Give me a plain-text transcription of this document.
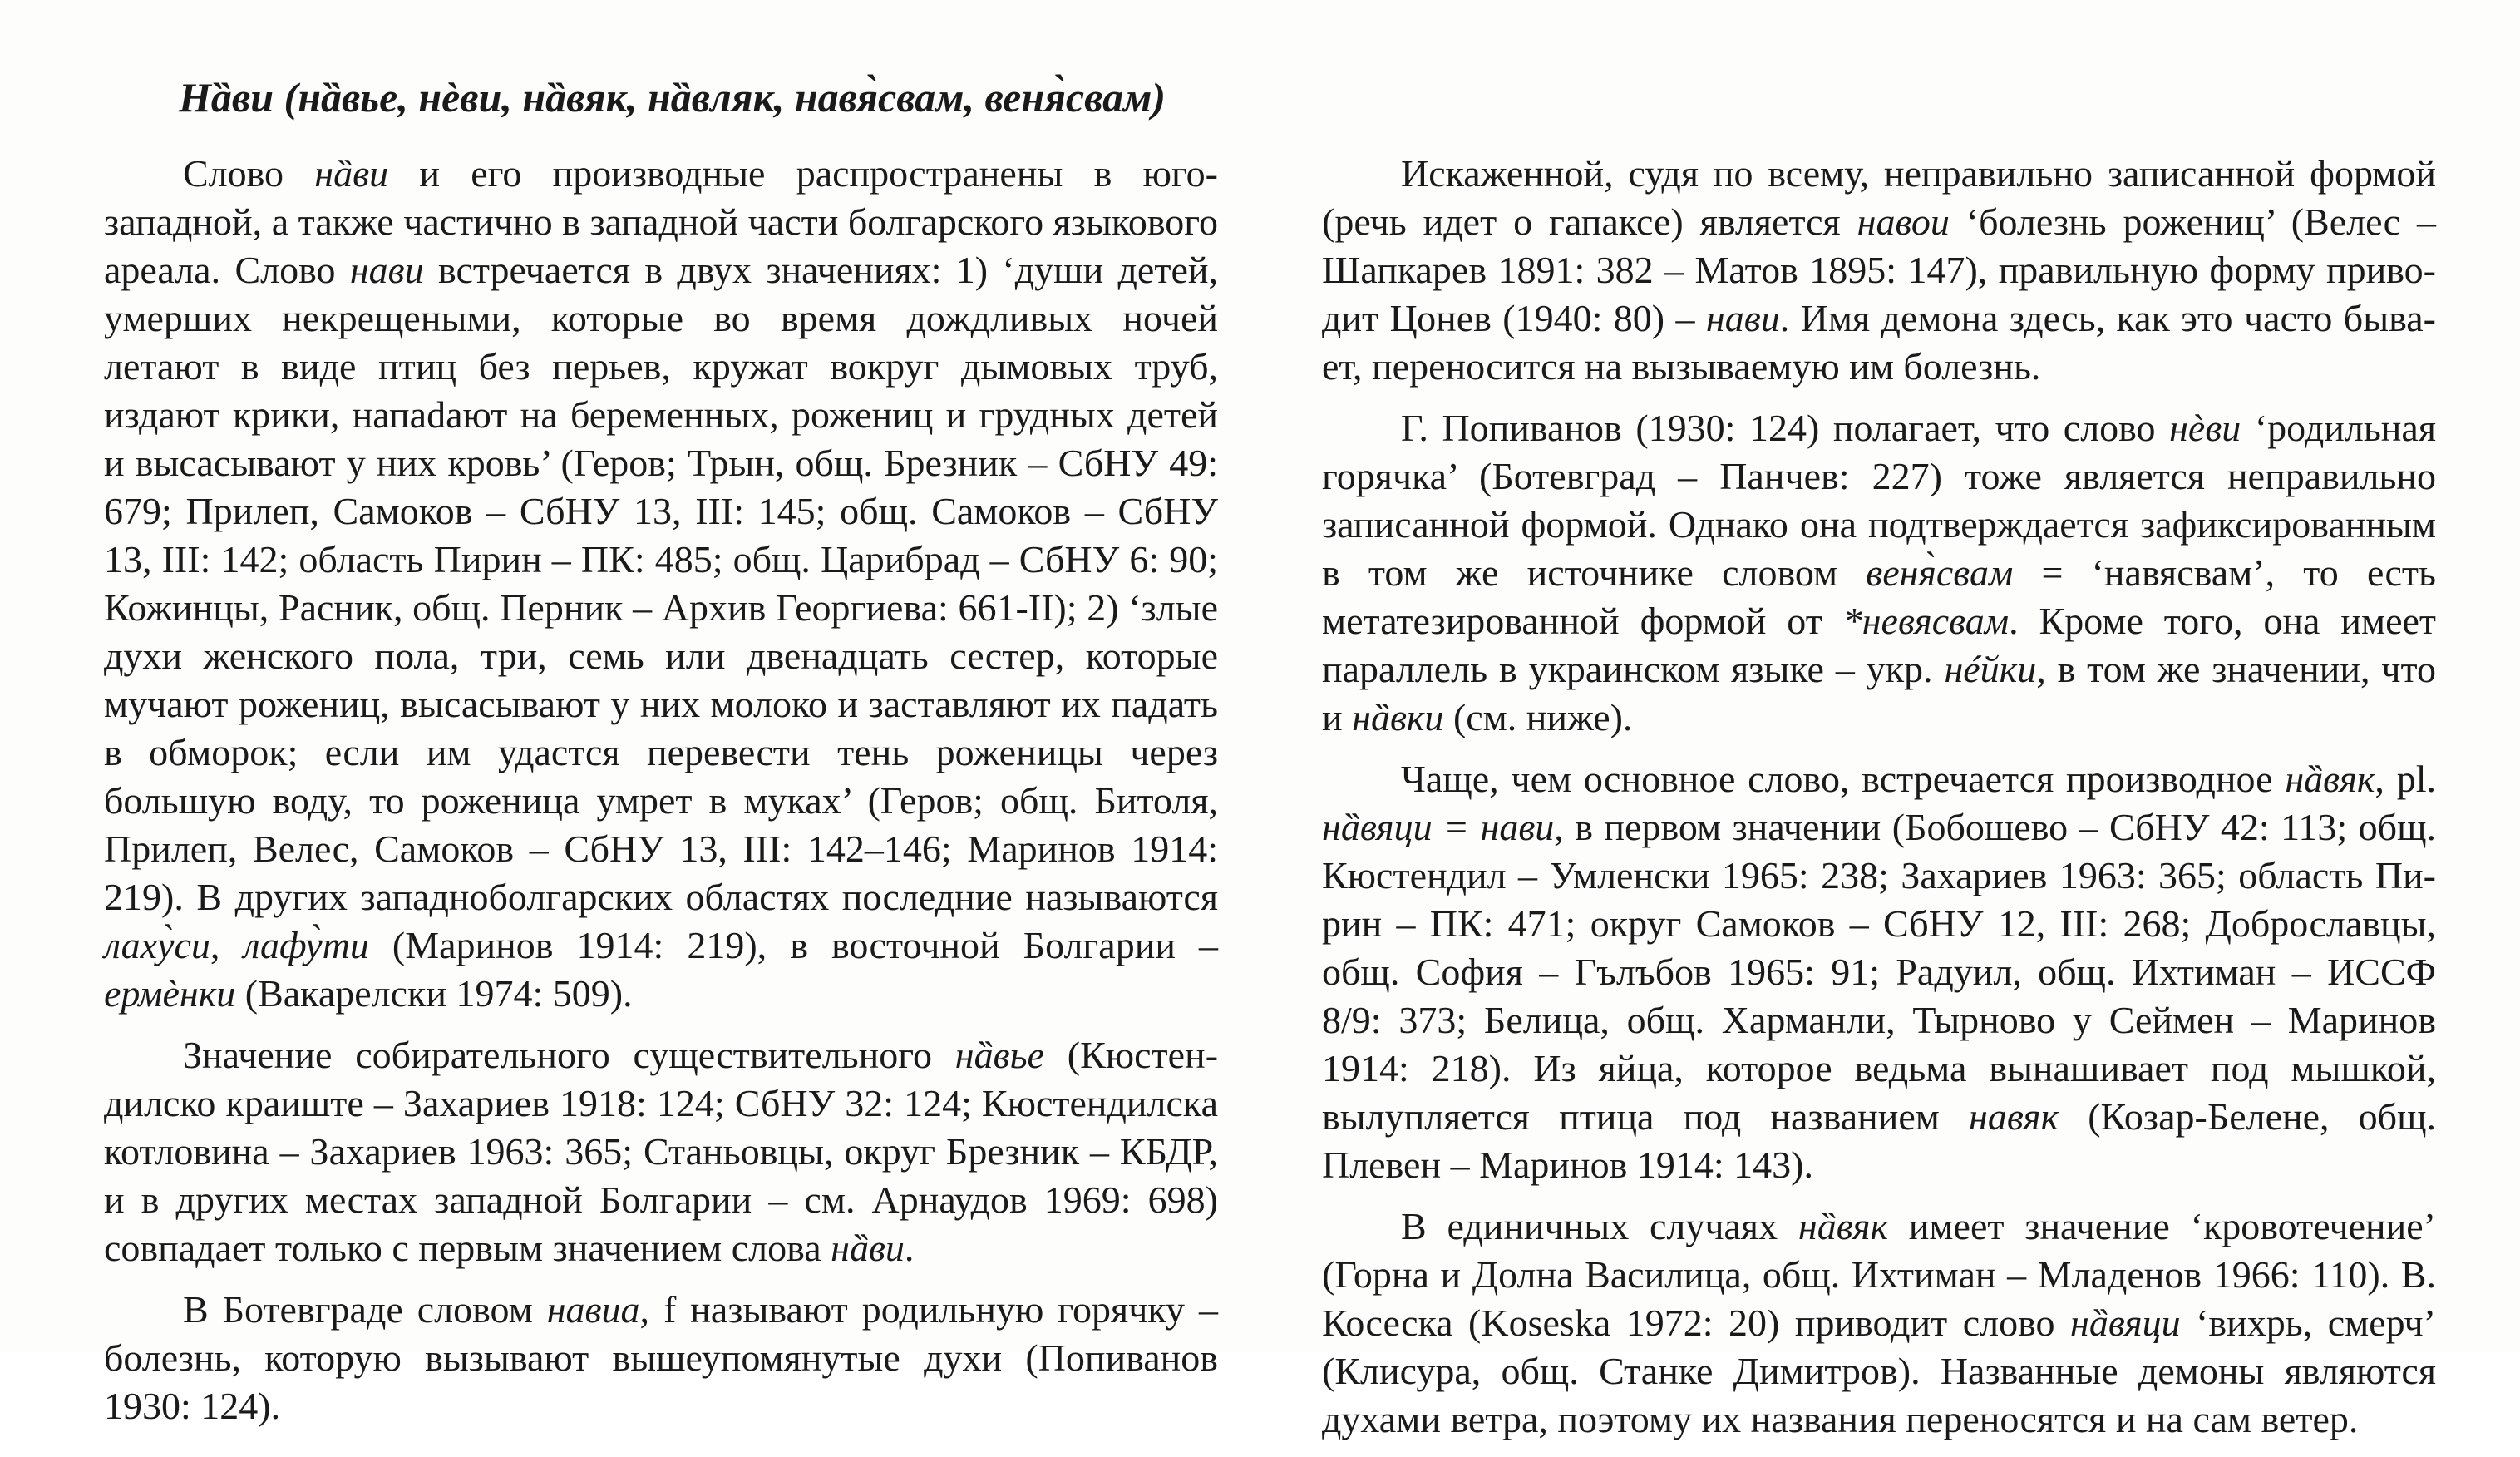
Нȁви (нȁвье, нѐви, нȁвяк, нȁвляк, навя̀свам, веня̀свам)

Слово нȁви и его производные распространены в юго-западной, а также частично в западной части болгарского языкового ареала. Слово нави встречается в двух значениях: 1) ‘души детей, умерших некрещеными, которые во время дождливых ночей летают в виде птиц без перьев, кружат вокруг дымовых труб, издают крики, напаdают на беременных, рожениц и грудных детей и высасывают у них кровь’ (Геров; Трын, общ. Брезник – СбНУ 49: 679; Прилеп, Самоков – СбНУ 13, III: 145; общ. Самоков – СбНУ 13, III: 142; область Пирин – ПК: 485; общ. Царибрад – СбНУ 6: 90; Кожинцы, Расник, общ. Перник – Архив Георгиева: 661-II); 2) ‘злые духи женского пола, три, семь или двенадцать сестер, которые мучают рожениц, высасывают у них молоко и заставляют их падать в обморок; если им удастся перевести тень роженицы через большую воду, то роженица умрет в муках’ (Геров; общ. Битоля, Прилеп, Велес, Самоков – СбНУ 13, III: 142–146; Маринов 1914: 219). В других западноболгарских областях последние называются лаху̀си, лафу̀ти (Маринов 1914: 219), в восточной Болгарии – ермѐнки (Вакарелски 1974: 509).

Значение собирательного существительного нȁвье (Кюстендилско краиште – Захариев 1918: 124; СбНУ 32: 124; Кюстендилска котловина – Захариев 1963: 365; Станьовцы, округ Брезник – КБДР, и в других местах западной Болгарии – см. Арнаудов 1969: 698) совпадает только с первым значением слова нȁви.

В Ботевграде словом навиа, f называют родильную горячку – болезнь, которую вызывают вышеупомянутые духи (Попиванов 1930: 124).

Искаженной, судя по всему, неправильно записанной формой (речь идет о гапаксе) является навои ‘болезнь рожениц’ (Велес – Шапкарев 1891: 382 – Матов 1895: 147), правильную форму приводит Цонев (1940: 80) – нави. Имя демона здесь, как это часто бывает, переносится на вызываемую им болезнь.

Г. Попиванов (1930: 124) полагает, что слово нѐви ‘родильная горячка’ (Ботевград – Панчев: 227) тоже является неправильно записанной формой. Однако она подтверждается зафиксированным в том же источнике словом веня̀свам = ‘навясвам’, то есть метатезированной формой от *невясвам. Кроме того, она имеет параллель в украинском языке – укр. нéйки, в том же значении, что и нȁвки (см. ниже).

Чаще, чем основное слово, встречается производное нȁвяк, pl. нȁвяци = нави, в первом значении (Бобошево – СбНУ 42: 113; общ. Кюстендил – Умленски 1965: 238; Захариев 1963: 365; область Пирин – ПК: 471; округ Самоков – СбНУ 12, III: 268; Доброславцы, общ. София – Гълъбов 1965: 91; Радуил, общ. Ихтиман – ИССФ 8/9: 373; Белица, общ. Харманли, Тырново у Сеймен – Маринов 1914: 218). Из яйца, которое ведьма вынашивает под мышкой, вылупляется птица под названием навяк (Козар-Белене, общ. Плевен – Маринов 1914: 143).

В единичных случаях нȁвяк имеет значение ‘кровотечение’ (Горна и Долна Василица, общ. Ихтиман – Младенов 1966: 110). В. Косеска (Koseska 1972: 20) приводит слово нȁвяци ‘вихрь, смерч’ (Клисура, общ. Станке Димитров). Названные демоны являются духами ветра, поэтому их названия переносятся и на сам ветер.
